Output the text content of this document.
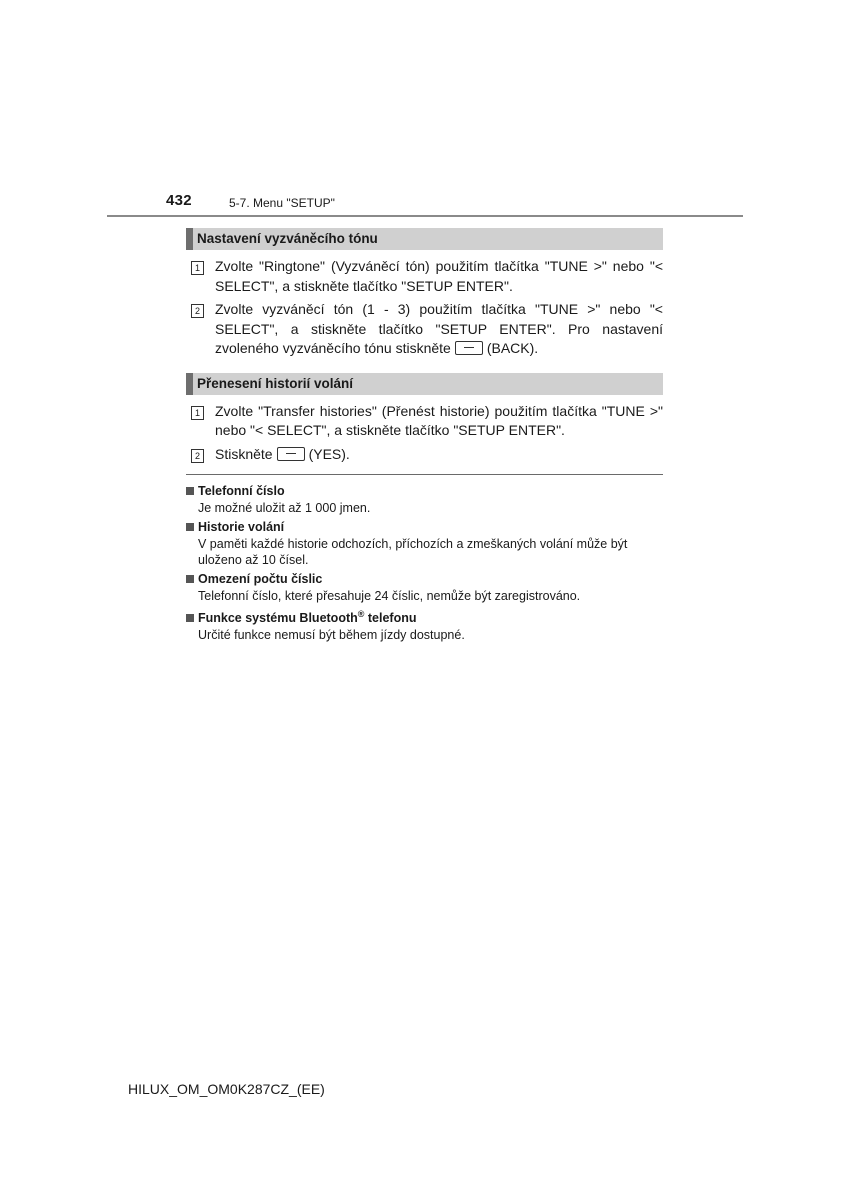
432	5-7. Menu "SETUP"
Nastavení vyzváněcího tónu
1 Zvolte "Ringtone" (Vyzváněcí tón) použitím tlačítka "TUNE >" nebo "< SELECT", a stiskněte tlačítko "SETUP ENTER".
2 Zvolte vyzváněcí tón (1 - 3) použitím tlačítka "TUNE >" nebo "< SELECT", a stiskněte tlačítko "SETUP ENTER". Pro nastavení zvoleného vyzváněcího tónu stiskněte	(BACK).
Přenesení historií volání
1 Zvolte "Transfer histories" (Přenést historie) použitím tlačítka "TUNE >" nebo "< SELECT", a stiskněte tlačítko "SETUP ENTER".
2 Stiskněte	(YES).
Telefonní číslo
Je možné uložit až 1 000 jmen.
Historie volání
V paměti každé historie odchozích, příchozích a zmeškaných volání může být uloženo až 10 čísel.
Omezení počtu číslic
Telefonní číslo, které přesahuje 24 číslic, nemůže být zaregistrováno.
Funkce systému Bluetooth® telefonu
Určité funkce nemusí být během jízdy dostupné.
HILUX_OM_OM0K287CZ_(EE)
